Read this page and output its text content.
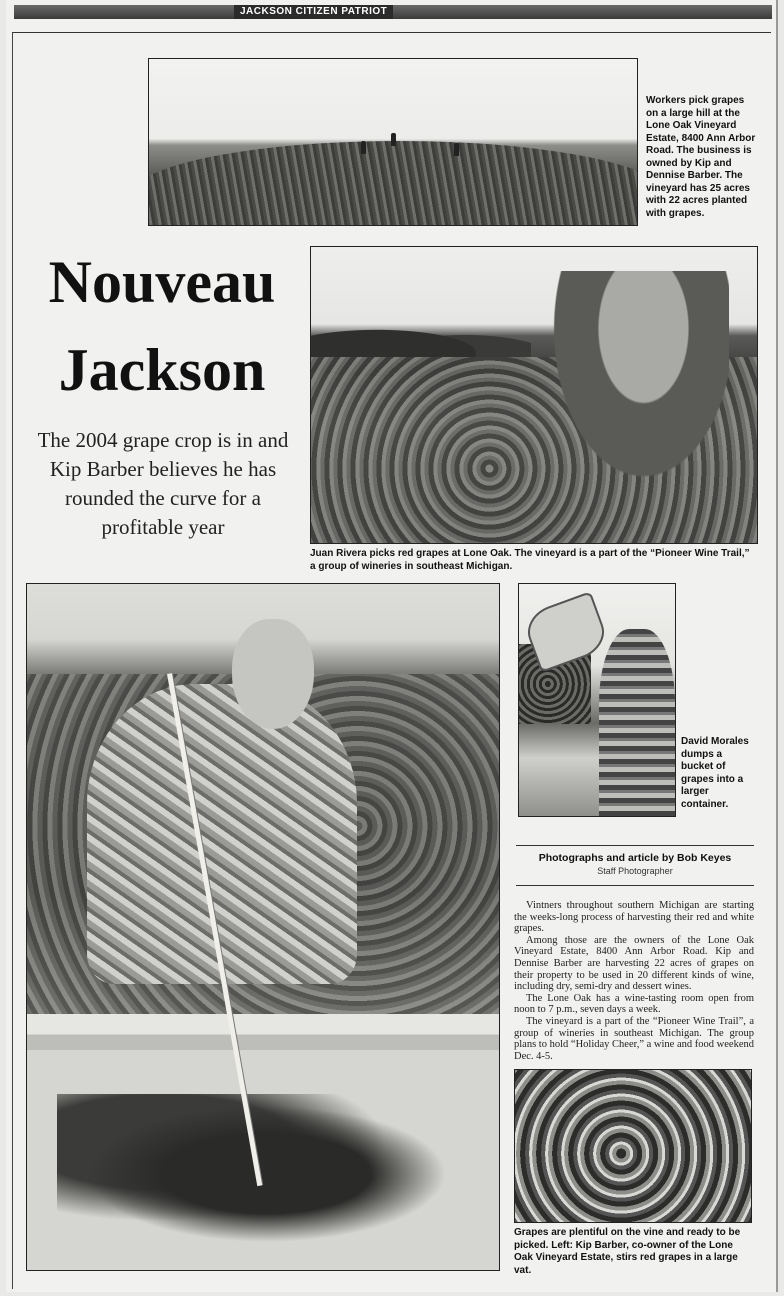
JACKSON CITIZEN PATRIOT
Workers pick grapes on a large hill at the Lone Oak Vineyard Estate, 8400 Ann Arbor Road. The business is owned by Kip and Dennise Barber. The vineyard has 25 acres with 22 acres planted with grapes.
Nouveau
Jackson
The 2004 grape crop is in and Kip Barber believes he has rounded the curve for a profitable year
Juan Rivera picks red grapes at Lone Oak. The vineyard is a part of the “Pioneer Wine Trail,” a group of wineries in southeast Michigan.
David Morales dumps a bucket of grapes into a larger container.
Photographs and article by Bob Keyes
Staff Photographer

Vintners throughout southern Michigan are starting the weeks-long process of harvesting their red and white grapes.

Among those are the owners of the Lone Oak Vineyard Estate, 8400 Ann Arbor Road. Kip and Dennise Barber are harvesting 22 acres of grapes on their property to be used in 20 different kinds of wine, including dry, semi-dry and dessert wines.

The Lone Oak has a wine-tasting room open from noon to 7 p.m., seven days a week.

The vineyard is a part of the “Pioneer Wine Trail”, a group of wineries in southeast Michigan. The group plans to hold “Holiday Cheer,” a wine and food weekend Dec. 4-5.

Grapes are plentiful on the vine and ready to be picked. Left: Kip Barber, co-owner of the Lone Oak Vineyard Estate, stirs red grapes in a large vat.
